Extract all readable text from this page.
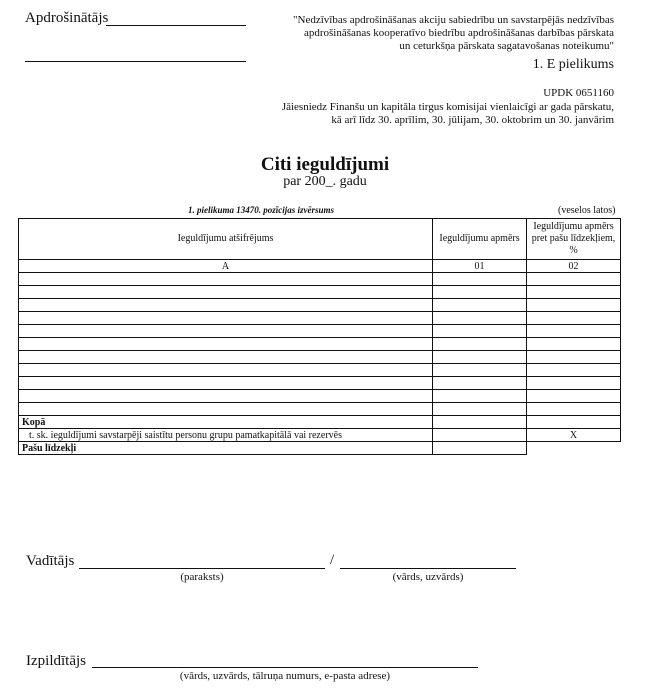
Apdrošinātājs	"Nedzīvības apdrošināšanas akciju sabiedrību un savstarpējās nedzīvības
apdrošināšanas kooperatīvo biedrību apdrošināšanas darbības pārskata
un ceturkšņa pārskata sagatavošanas noteikumu"
1. E pielikums
UPDK 0651160
Jāiesniedz Finanšu un kapitāla tirgus komisijai vienlaicīgi ar gada pārskatu,
kā arī līdz 30. aprīlim, 30. jūlijam, 30. oktobrim un 30. janvārim
Citi ieguldījumi
par 200_. gadu
1. pielikuma 13470. pozīcijas izvērsums	(veselos latos)
Ieguldījumu atšifrējums	Ieguldījumu apmērs	Ieguldījumu apmērs pret pašu līdzekļiem, %
A	01	02

Kopā		
t. sk. ieguldījumi savstarpēji saistītu personu grupu pamatkapitālā vai rezervēs		X
Pašu līdzekļi		
Vadītājs	/
(paraksts)	(vārds, uzvārds)
Izpildītājs
(vārds, uzvārds, tālruņa numurs, e-pasta adrese)
